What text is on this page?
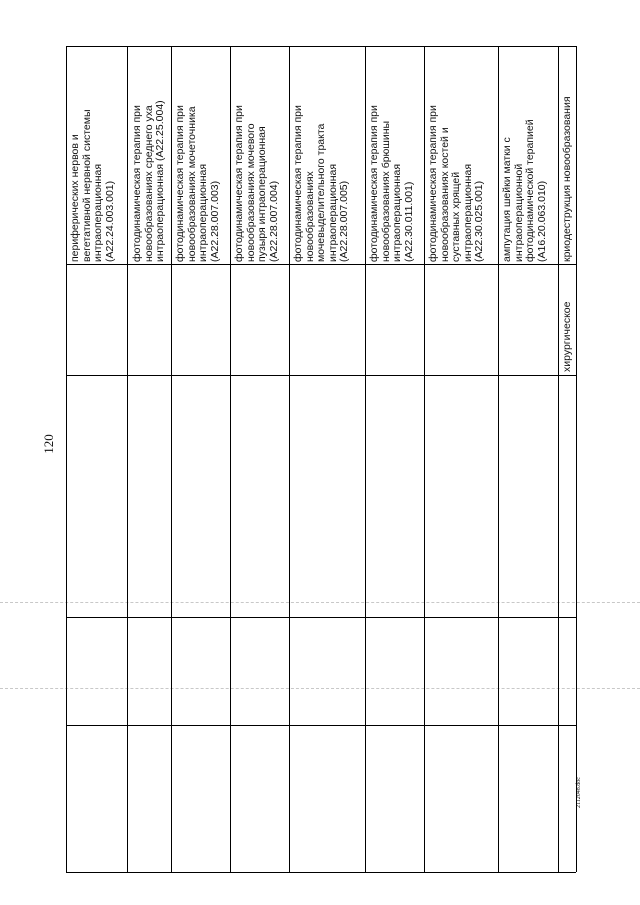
120
2112048.doc
периферических нервов и вегетативной нервной системы интраоперационная (A22.24.003.001) фотодинамическая терапия при новообразованиях среднего уха интраоперационная (A22.25.004) фотодинамическая терапия при новообразованиях мочеточника интраоперационная (A22.28.007.003) фотодинамическая терапия при новообразованиях мочевого пузыря интраоперационная (A22.28.007.004) фотодинамическая терапия при новообразованиях мочевыделительного тракта интраоперационная (A22.28.007.005) фотодинамическая терапия при новообразованиях брюшины интраоперационная (A22.30.011.001) фотодинамическая терапия при новообразованиях костей и суставных хрящей интраоперационная (A22.30.025.001) ампутация шейки матки с интраоперационной фотодинамической терапией (A16.20.063.010) криодеструкция новообразования
хирургическое
